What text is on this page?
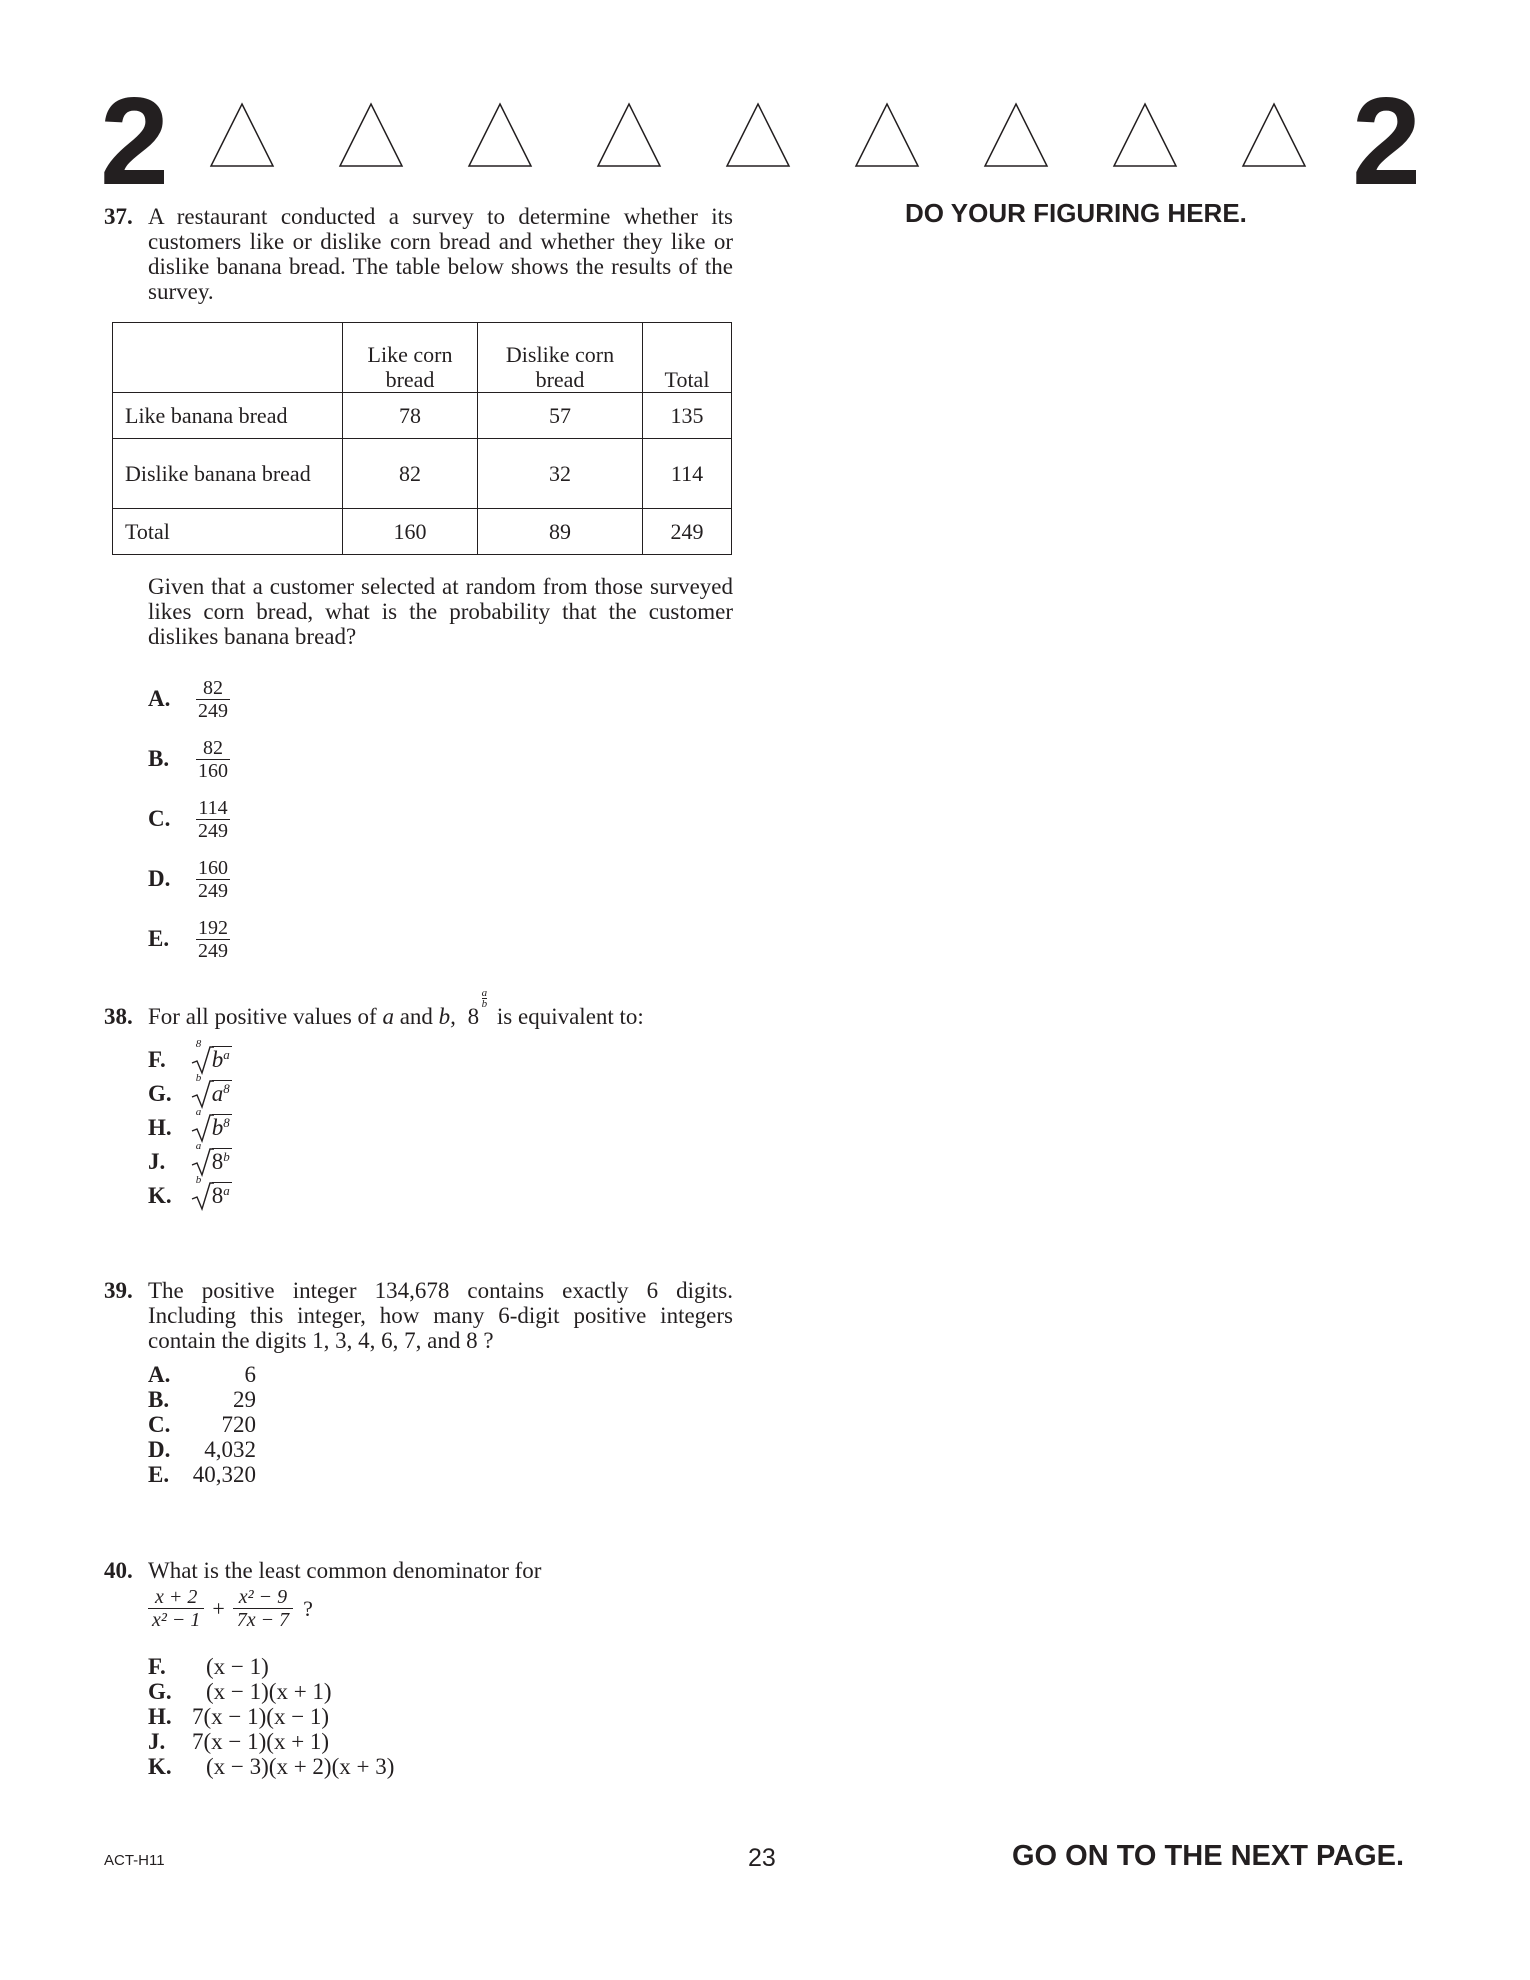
2	2
DO YOUR FIGURING HERE.
37. A restaurant conducted a survey to determine whether its customers like or dislike corn bread and whether they like or dislike banana bread. The table below shows the results of the survey.
	Like corn bread	Dislike corn bread	Total
Like banana bread	78	57	135
Dislike banana bread	82	32	114
Total	160	89	249
Given that a customer selected at random from those surveyed likes corn bread, what is the probability that the customer dislikes banana bread?
A.	$\frac{82}{249}$
B.	$\frac{82}{160}$
C.	$\frac{114}{249}$
D.	$\frac{160}{249}$
E.	$\frac{192}{249}$
38. For all positive values of a and b, 8
a
b is equivalent to:
F.
8
$b^a$
G.
b
$a^8$
H.
a
$b^8$
J.
a
8$^b$
K.
b
8$^a$
39. The positive integer 134,678 contains exactly 6 digits. Including this integer, how many 6-digit positive integers contain the digits 1, 3, 4, 6, 7, and 8 ?
A.	6
B.	29
C. 720
D. 4,032
E. 40,320
40. What is the least common denominator for
$\frac{x + 2}{\text{x² − 1}} + \frac{\text{x² − 9}}{7x - 7}$ ?
F. (x − 1)
G. (x − 1)(x + 1)
H. 7(x − 1)(x − 1)
J. 7(x − 1)(x + 1)
K. (x − 3)(x + 2)(x + 3)
ACT-H11	23	GO ON TO THE NEXT PAGE.
